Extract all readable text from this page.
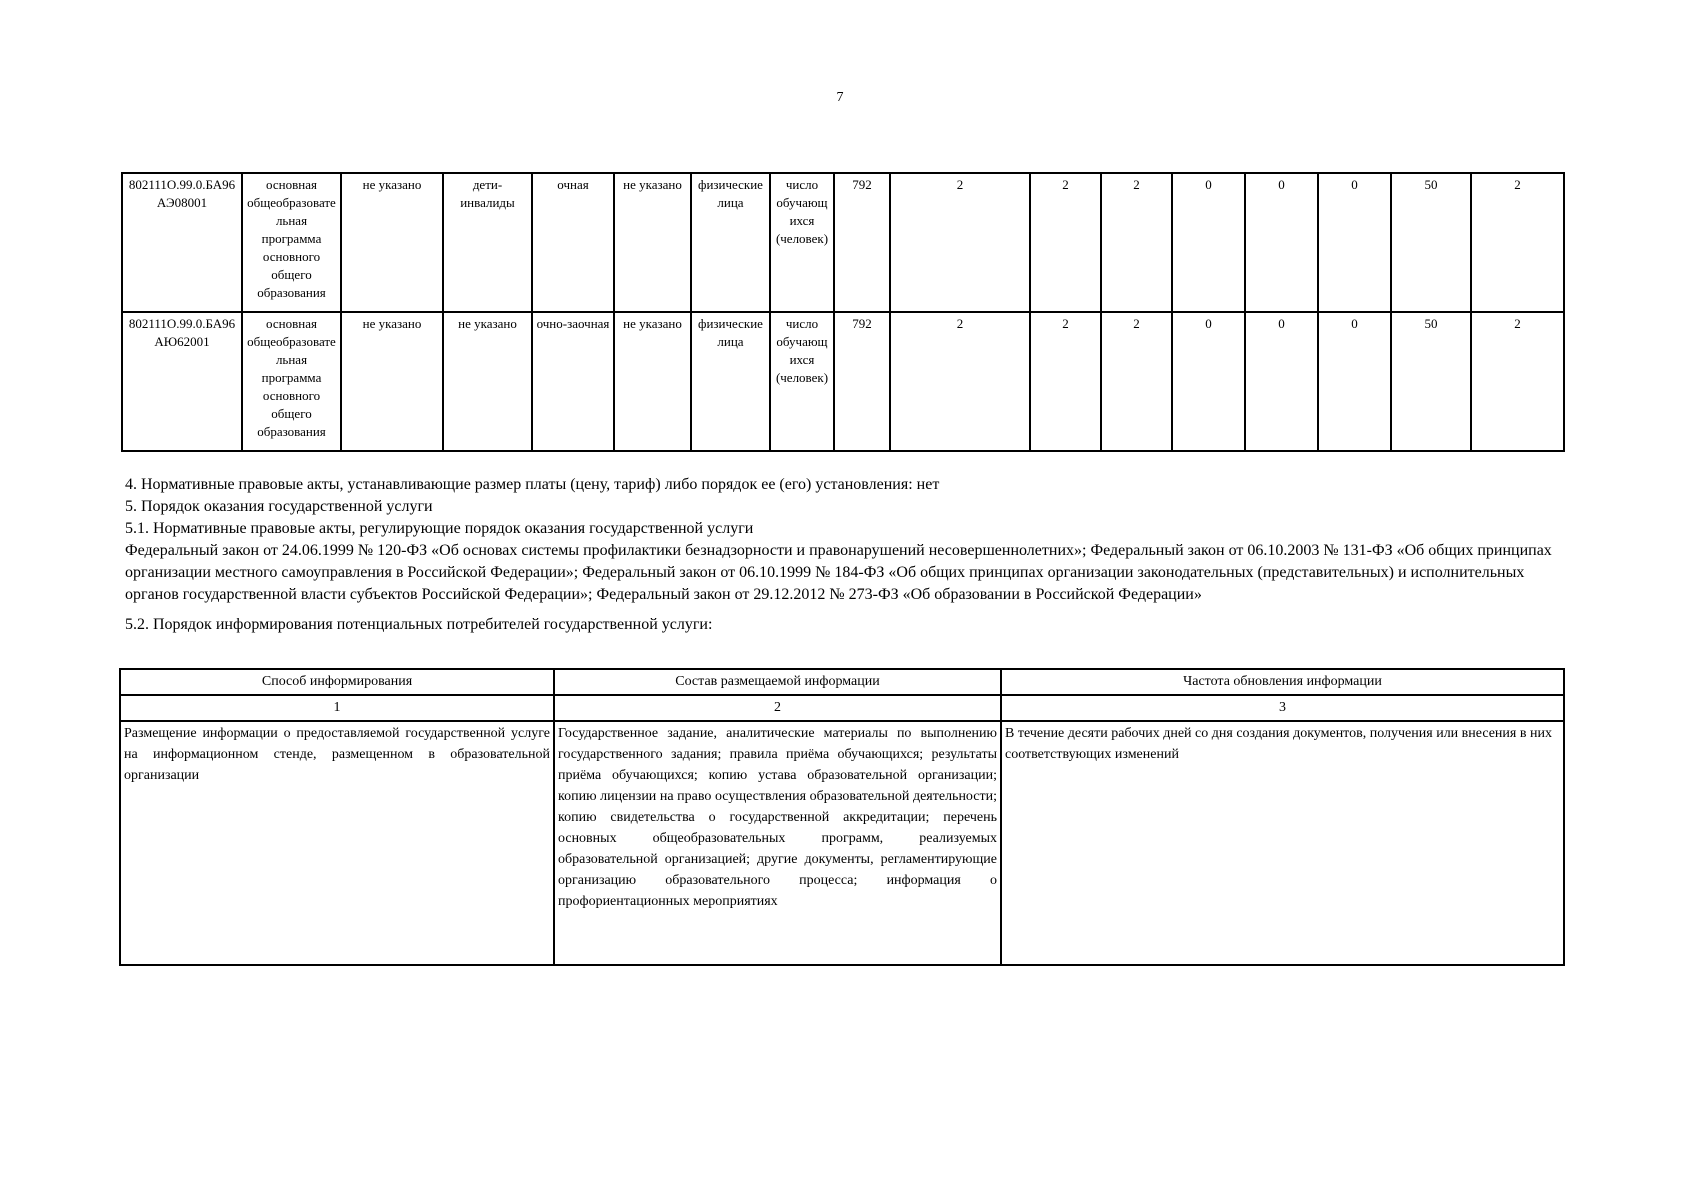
7
802111О.99.0.БА96АЭ08001	основная общеобразовательная программа основного общего образования	не указано	дети-инвалиды	очная	не указано	физические лица	число обучающихся (человек)	792	2	2	2	0	0	0	50	2
802111О.99.0.БА96АЮ62001	основная общеобразовательная программа основного общего образования	не указано	не указано	очно-заочная	не указано	физические лица	число обучающихся (человек)	792	2	2	2	0	0	0	50	2

4. Нормативные правовые акты, устанавливающие размер платы (цену, тариф) либо порядок ее (его) установления: нет

5. Порядок оказания государственной услуги

5.1. Нормативные правовые акты, регулирующие порядок оказания государственной услуги

Федеральный закон от 24.06.1999 № 120-ФЗ «Об основах системы профилактики безнадзорности и правонарушений несовершеннолетних»; Федеральный закон от 06.10.2003 № 131-ФЗ «Об общих принципах организации местного самоуправления в Российской Федерации»; Федеральный закон от 06.10.1999 № 184-ФЗ «Об общих принципах организации законодательных (представительных) и исполнительных органов государственной власти субъектов Российской Федерации»; Федеральный закон от 29.12.2012 № 273-ФЗ «Об образовании в Российской Федерации»

5.2. Порядок информирования потенциальных потребителей государственной услуги:

Способ информирования	Состав размещаемой информации	Частота обновления информации
1	2	3
Размещение информации о предоставляемой государственной услуге на информационном стенде, размещенном в образовательной организации	Государственное задание, аналитические материалы по выполнению государственного задания; правила приёма обучающихся; результаты приёма обучающихся; копию устава образовательной организации; копию лицензии на право осуществления образовательной деятельности; копию свидетельства о государственной аккредитации; перечень основных общеобразовательных программ, реализуемых образовательной организацией; другие документы, регламентирующие организацию образовательного процесса; информация о профориентационных мероприятиях	В течение десяти рабочих дней со дня создания документов, получения или внесения в них соответствующих изменений
